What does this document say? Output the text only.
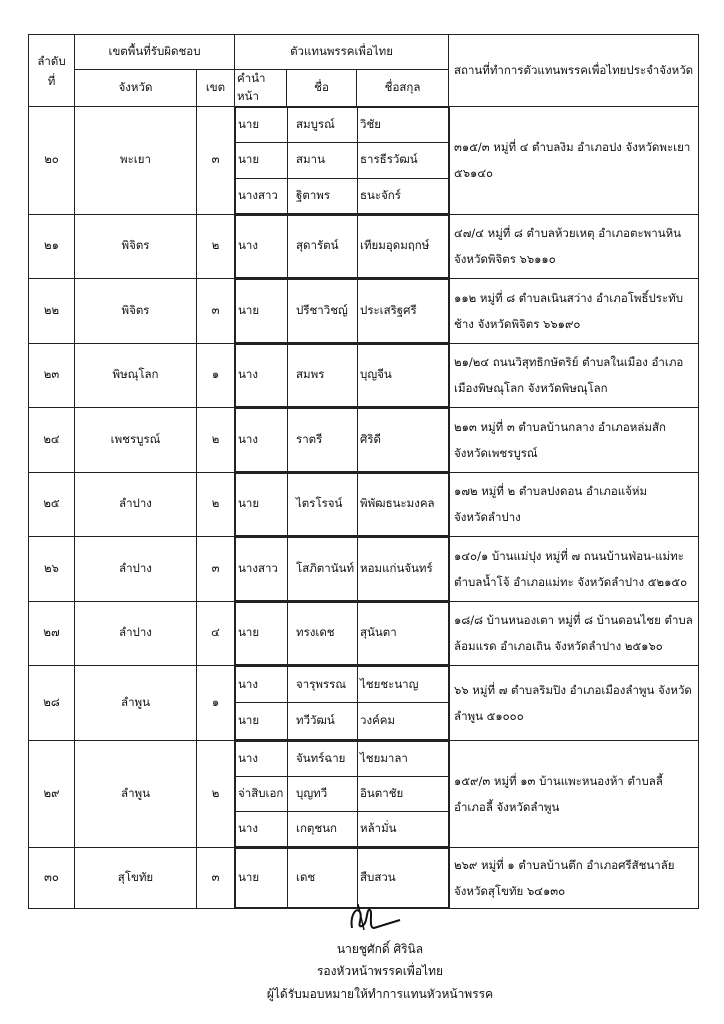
ลำดับ
ที่	เขตพื้นที่รับผิดชอบ	ตัวแทนพรรคเพื่อไทย	สถานที่ทำการตัวแทนพรรคเพื่อไทยประจำจังหวัด
จังหวัด	เขต	คำนำหน้า	ชื่อ	ชื่อสกุล
๒๐	พะเยา	๓	
นาย	สมบูรณ์	วิชัย
นาย	สมาน	ธารธีรวัฒน์
นางสาว	ฐิตาพร	ธนะจักร์

๓๑๕/๓ หมู่ที่ ๔ ตำบลงิม อำเภอปง จังหวัดพะเยา
๕๖๑๔๐

๒๑	พิจิตร	๒	นาง	สุดารัตน์	เทียมอุดมฤกษ์

๔๗/๔ หมู่ที่ ๘ ตำบลห้วยเหตุ อำเภอตะพานหิน
จังหวัดพิจิตร ๖๖๑๑๐

๒๒	พิจิตร	๓	นาย	ปรีชาวิชญ์	ประเสริฐศรี

๑๑๒ หมู่ที่ ๘ ตำบลเนินสว่าง อำเภอโพธิ์ประทับ
ช้าง จังหวัดพิจิตร ๖๖๑๙๐

๒๓	พิษณุโลก	๑	นาง	สมพร	บุญจีน

๒๑/๒๔ ถนนวิสุทธิกษัตริย์ ตำบลในเมือง อำเภอ
เมืองพิษณุโลก จังหวัดพิษณุโลก

๒๔	เพชรบูรณ์	๒	นาง	ราตรี	ศิริดี

๒๑๓ หมู่ที่ ๓ ตำบลบ้านกลาง อำเภอหล่มสัก
จังหวัดเพชรบูรณ์

๒๕	ลำปาง	๒	นาย	ไตรโรจน์	พิพัฒธนะมงคล

๑๗๒ หมู่ที่ ๒ ตำบลปงดอน อำเภอแจ้ห่ม
จังหวัดลำปาง

๒๖	ลำปาง	๓	นางสาว	โสภิตานันท์	หอมแก่นจันทร์

๑๔๐/๑ บ้านแม่ปุง หมู่ที่ ๗ ถนนบ้านฟ่อน-แม่ทะ
ตำบลน้ำโจ้ อำเภอแม่ทะ จังหวัดลำปาง ๕๒๑๕๐

๒๗	ลำปาง	๔	นาย	ทรงเดช	สุนันตา

๑๘/๘ บ้านหนองเตา หมู่ที่ ๘ บ้านดอนไชย ตำบล
ล้อมแรด อำเภอเถิน จังหวัดลำปาง ๒๕๑๖๐

๒๘	ลำพูน	๑	
นาง	จารุพรรณ	ไชยชะนาญ
นาย	ทวีวัฒน์	วงค์คม

๖๖ หมู่ที่ ๗ ตำบลริมปิง อำเภอเมืองลำพูน จังหวัด
ลำพูน ๕๑๐๐๐

๒๙	ลำพูน	๒	
นาง	จันทร์ฉาย	ไชยมาลา
จ่าสิบเอก	บุญทวี	อินตาชัย
นาง	เกตุชนก	หล้ามั่น

๑๕๙/๓ หมู่ที่ ๑๓ บ้านแพะหนองห้า ตำบลลี้
อำเภอลี้ จังหวัดลำพูน

๓๐	สุโขทัย	๓	นาย	เดช	สืบสวน

๒๖๙ หมู่ที่ ๑ ตำบลบ้านตึก อำเภอศรีสัชนาลัย
จังหวัดสุโขทัย ๖๔๑๓๐
นายชูศักดิ์ ศิรินิล
รองหัวหน้าพรรคเพื่อไทย
ผู้ได้รับมอบหมายให้ทำการแทนหัวหน้าพรรค
